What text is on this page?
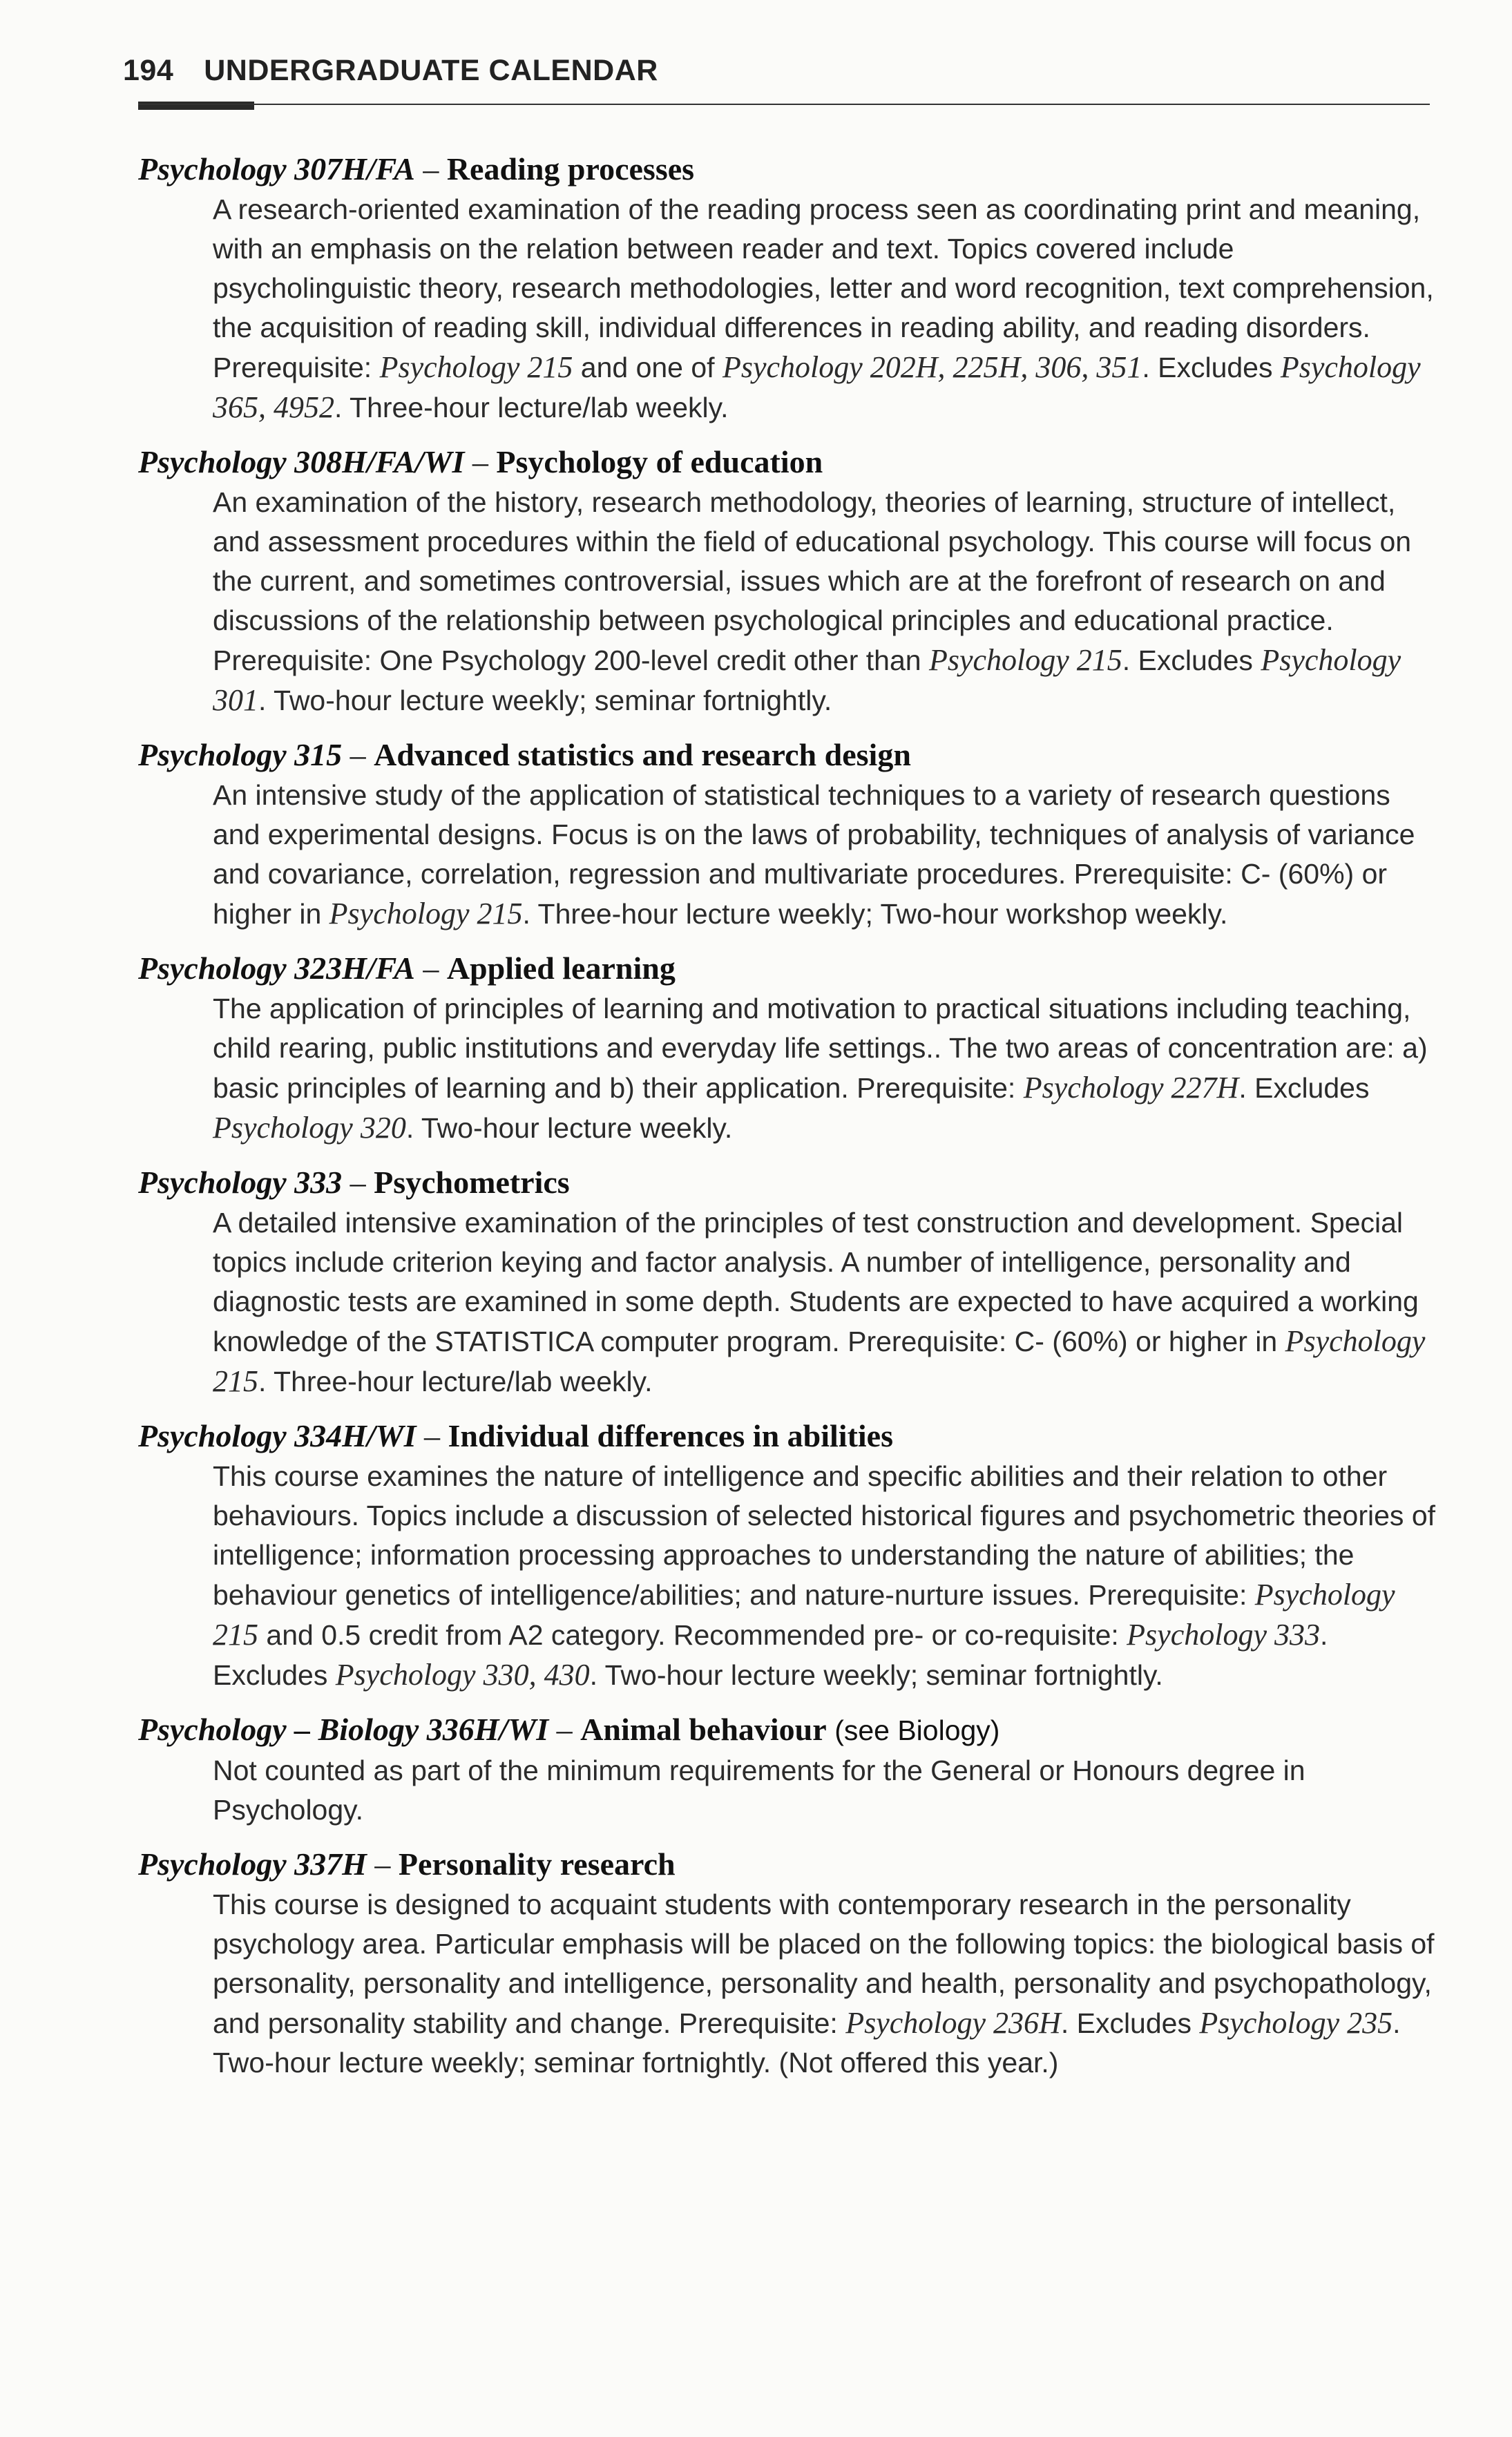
194 UNDERGRADUATE CALENDAR
Psychology 307H/FA – Reading processes
A research-oriented examination of the reading process seen as coordinating print and meaning, with an emphasis on the relation between reader and text. Topics covered include psycholinguistic theory, research methodologies, letter and word recognition, text comprehension, the acquisition of reading skill, individual differences in reading ability, and reading disorders. Prerequisite: Psychology 215 and one of Psychology 202H, 225H, 306, 351. Excludes Psychology 365, 4952. Three-hour lecture/lab weekly.
Psychology 308H/FA/WI – Psychology of education
An examination of the history, research methodology, theories of learning, structure of intellect, and assessment procedures within the field of educational psychology. This course will focus on the current, and sometimes controversial, issues which are at the forefront of research on and discussions of the relationship between psychological principles and educational practice. Prerequisite: One Psychology 200-level credit other than Psychology 215. Excludes Psychology 301. Two-hour lecture weekly; seminar fortnightly.
Psychology 315 – Advanced statistics and research design
An intensive study of the application of statistical techniques to a variety of research questions and experimental designs. Focus is on the laws of probability, techniques of analysis of variance and covariance, correlation, regression and multivariate procedures. Prerequisite: C- (60%) or higher in Psychology 215. Three-hour lecture weekly; Two-hour workshop weekly.
Psychology 323H/FA – Applied learning
The application of principles of learning and motivation to practical situations including teaching, child rearing, public institutions and everyday life settings.. The two areas of concentration are: a) basic principles of learning and b) their application. Prerequisite: Psychology 227H. Excludes Psychology 320. Two-hour lecture weekly.
Psychology 333 – Psychometrics
A detailed intensive examination of the principles of test construction and development. Special topics include criterion keying and factor analysis. A number of intelligence, personality and diagnostic tests are examined in some depth. Students are expected to have acquired a working knowledge of the STATISTICA computer program. Prerequisite: C- (60%) or higher in Psychology 215. Three-hour lecture/lab weekly.
Psychology 334H/WI – Individual differences in abilities
This course examines the nature of intelligence and specific abilities and their relation to other behaviours. Topics include a discussion of selected historical figures and psychometric theories of intelligence; information processing approaches to understanding the nature of abilities; the behaviour genetics of intelligence/abilities; and nature-nurture issues. Prerequisite: Psychology 215 and 0.5 credit from A2 category. Recommended pre- or co-requisite: Psychology 333. Excludes Psychology 330, 430. Two-hour lecture weekly; seminar fortnightly.
Psychology – Biology 336H/WI – Animal behaviour (see Biology)
Not counted as part of the minimum requirements for the General or Honours degree in Psychology.
Psychology 337H – Personality research
This course is designed to acquaint students with contemporary research in the personality psychology area. Particular emphasis will be placed on the following topics: the biological basis of personality, personality and intelligence, personality and health, personality and psychopathology, and personality stability and change. Prerequisite: Psychology 236H. Excludes Psychology 235. Two-hour lecture weekly; seminar fortnightly. (Not offered this year.)
